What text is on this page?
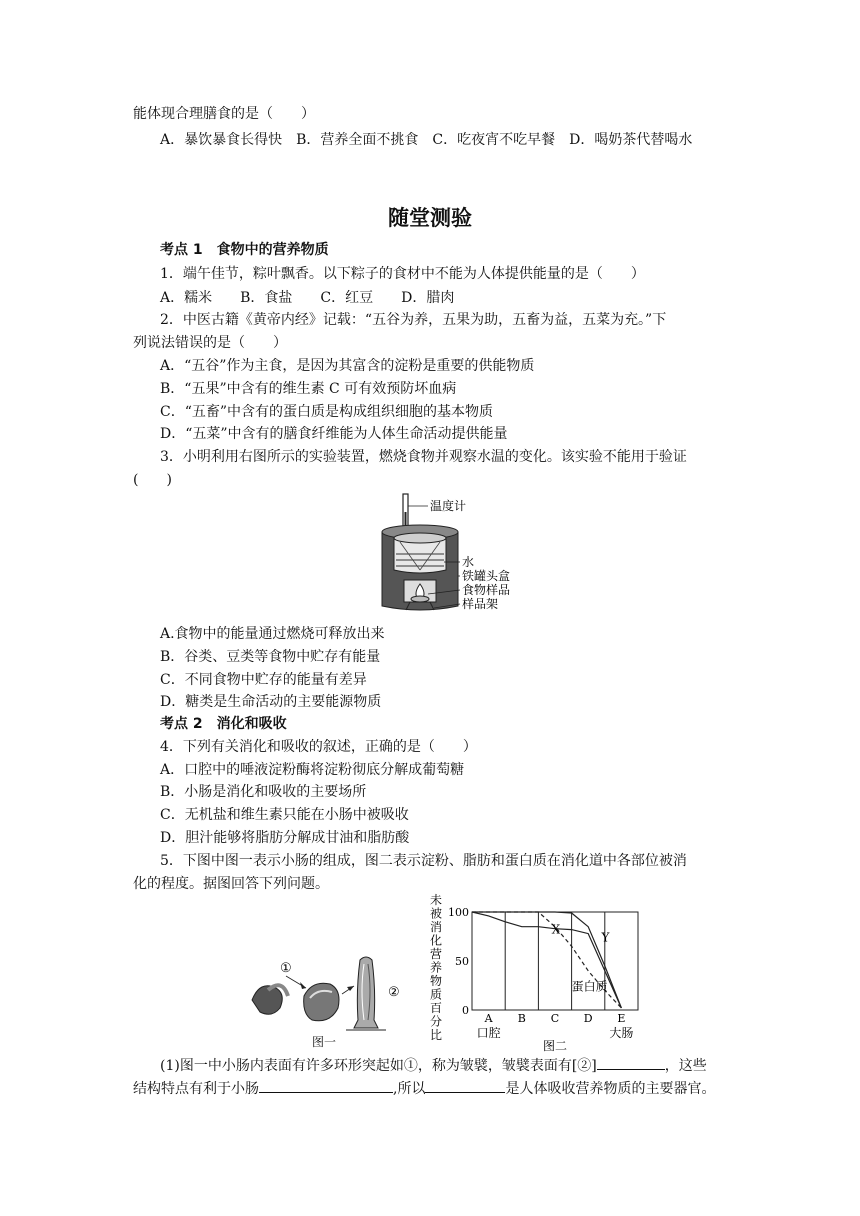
能体现合理膳食的是（　　）
A．暴饮暴食长得快　B．营养全面不挑食　C．吃夜宵不吃早餐　D．喝奶茶代替喝水
随堂测验
考点 1　食物中的营养物质
1．端午佳节，粽叶飘香。以下粽子的食材中不能为人体提供能量的是（　　）
A．糯米　　B．食盐　　C．红豆　　D．腊肉
2．中医古籍《黄帝内经》记载：“五谷为养，五果为助，五畜为益，五菜为充。”下
列说法错误的是（　　）
A．“五谷”作为主食，是因为其富含的淀粉是重要的供能物质
B．“五果”中含有的维生素 C 可有效预防坏血病
C．“五畜”中含有的蛋白质是构成组织细胞的基本物质
D．“五菜”中含有的膳食纤维能为人体生命活动提供能量
3．小明利用右图所示的实验装置，燃烧食物并观察水温的变化。该实验不能用于验证
(　　)
温度计
水
铁罐头盒
食物样品
样品架
A.食物中的能量通过燃烧可释放出来
B．谷类、豆类等食物中贮存有能量
C．不同食物中贮存的能量有差异
D．糖类是生命活动的主要能源物质
考点 2　消化和吸收
4．下列有关消化和吸收的叙述，正确的是（　　）
A．口腔中的唾液淀粉酶将淀粉彻底分解成葡萄糖
B．小肠是消化和吸收的主要场所
C．无机盐和维生素只能在小肠中被吸收
D．胆汁能够将脂肪分解成甘油和脂肪酸
5．下图中图一表示小肠的组成，图二表示淀粉、脂肪和蛋白质在消化道中各部位被消
化的程度。据图回答下列问题。
①
②
图一
未
被
消
化
营
养
物
质
百
分
比
100
50
0
X
Y
蛋白质
A
口腔
B C D E
大肠
图二
(1)图一中小肠内表面有许多环形突起如①，称为皱襞，皱襞表面有[②]	，这些
结构特点有利于小肠	,所以	是人体吸收营养物质的主要器官。
